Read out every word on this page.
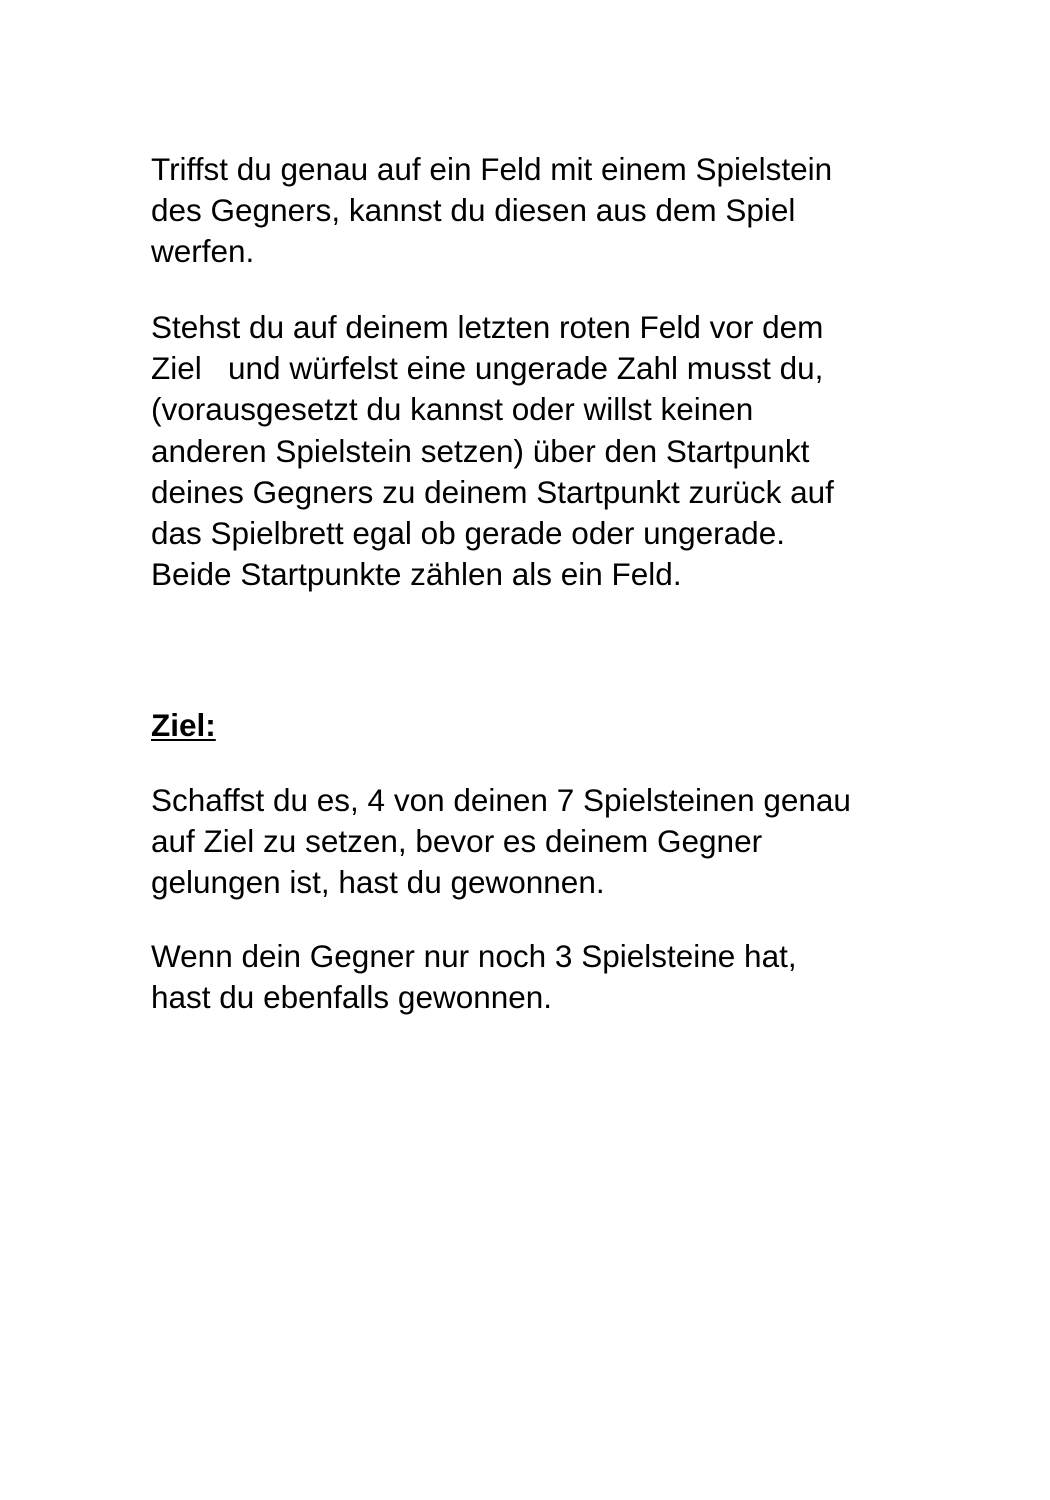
Triffst du genau auf ein Feld mit einem Spielstein
des Gegners, kannst du diesen aus dem Spiel
werfen.

Stehst du auf deinem letzten roten Feld vor dem
Ziel   und würfelst eine ungerade Zahl musst du,
(vorausgesetzt du kannst oder willst keinen
anderen Spielstein setzen) über den Startpunkt
deines Gegners zu deinem Startpunkt zurück auf
das Spielbrett egal ob gerade oder ungerade.
Beide Startpunkte zählen als ein Feld.

Ziel:

Schaffst du es, 4 von deinen 7 Spielsteinen genau
auf Ziel zu setzen, bevor es deinem Gegner
gelungen ist, hast du gewonnen.

Wenn dein Gegner nur noch 3 Spielsteine hat,
hast du ebenfalls gewonnen.
